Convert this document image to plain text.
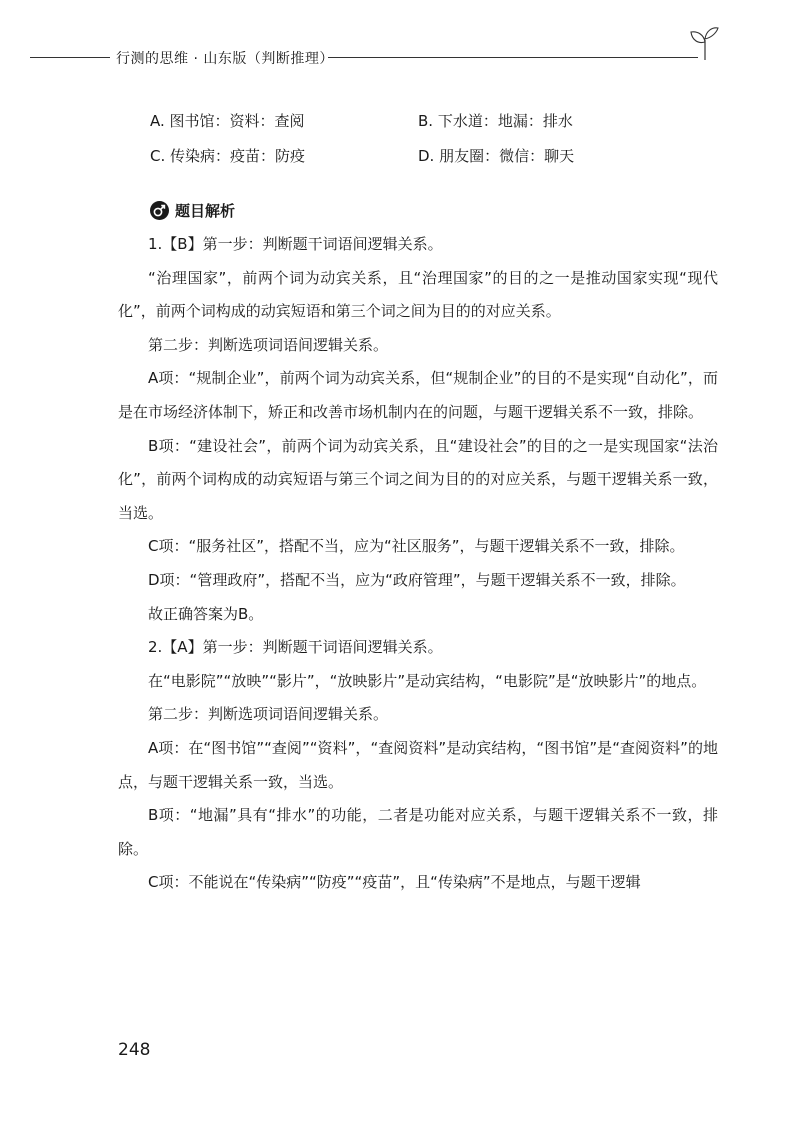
行测的思维 · 山东版（判断推理）
A. 图书馆：资料：查阅	B. 下水道：地漏：排水
C. 传染病：疫苗：防疫	D. 朋友圈：微信：聊天
题目解析

1.【B】第一步：判断题干词语间逻辑关系。

“治理国家”，前两个词为动宾关系，且“治理国家”的目的之一是推动国家实现“现代化”，前两个词构成的动宾短语和第三个词之间为目的的对应关系。

第二步：判断选项词语间逻辑关系。

A项：“规制企业”，前两个词为动宾关系，但“规制企业”的目的不是实现“自动化”，而是在市场经济体制下，矫正和改善市场机制内在的问题，与题干逻辑关系不一致，排除。

B项：“建设社会”，前两个词为动宾关系，且“建设社会”的目的之一是实现国家“法治化”，前两个词构成的动宾短语与第三个词之间为目的的对应关系，与题干逻辑关系一致，当选。

C项：“服务社区”，搭配不当，应为“社区服务”，与题干逻辑关系不一致，排除。

D项：“管理政府”，搭配不当，应为“政府管理”，与题干逻辑关系不一致，排除。

故正确答案为B。

2.【A】第一步：判断题干词语间逻辑关系。

在“电影院”“放映”“影片”，“放映影片”是动宾结构，“电影院”是“放映影片”的地点。

第二步：判断选项词语间逻辑关系。

A项：在“图书馆”“查阅”“资料”，“查阅资料”是动宾结构，“图书馆”是“查阅资料”的地点，与题干逻辑关系一致，当选。

B项：“地漏”具有“排水”的功能，二者是功能对应关系，与题干逻辑关系不一致，排除。

C项：不能说在“传染病”“防疫”“疫苗”，且“传染病”不是地点，与题干逻辑

248
